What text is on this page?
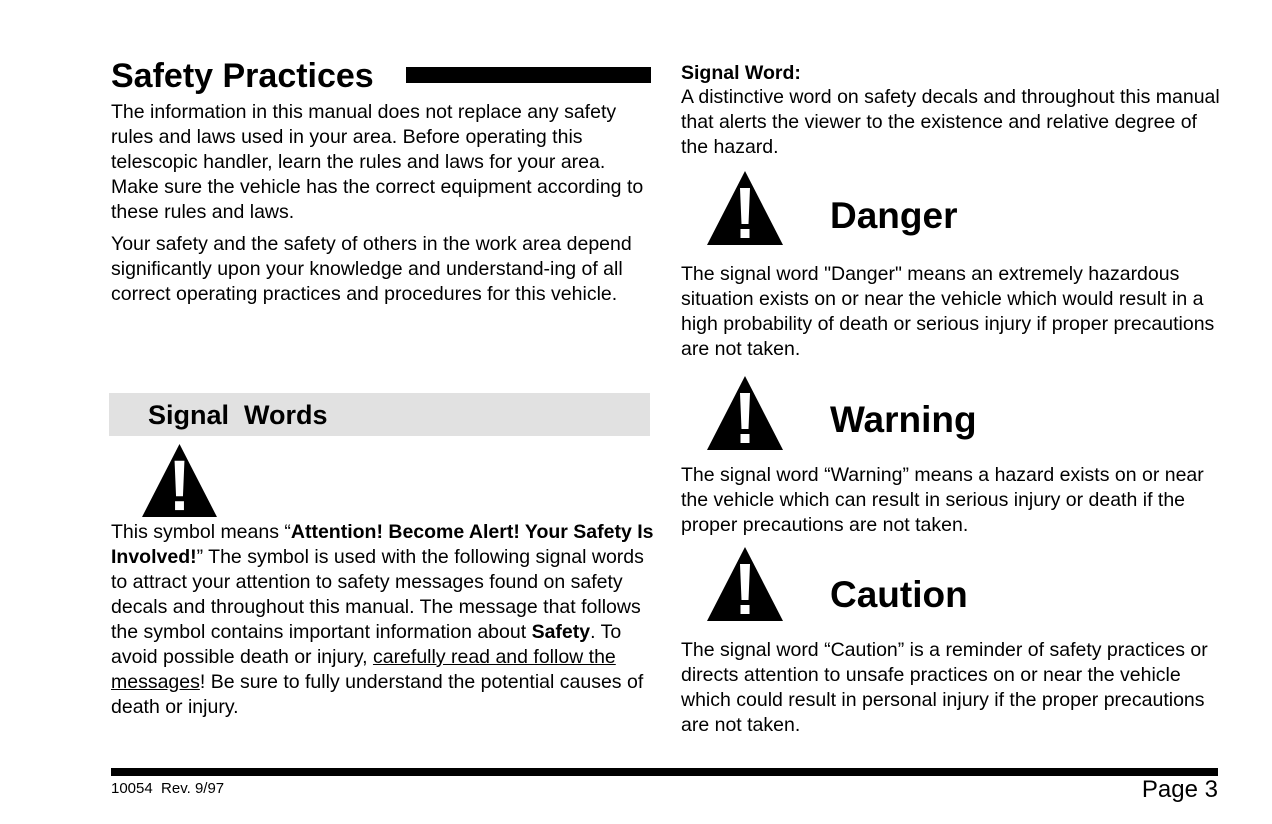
Safety Practices

The information in this manual does not replace any safety rules and laws used in your area. Before operating this telescopic handler, learn the rules and laws for your area. Make sure the vehicle has the correct equipment according to these rules and laws.

Your safety and the safety of others in the work area depend significantly upon your knowledge and understand-ing of all correct operating practices and procedures for this vehicle.

Signal  Words

This symbol means “Attention! Become Alert! Your Safety Is Involved!” The symbol is used with the following signal words to attract your attention to safety messages found on safety decals and throughout this manual. The message that follows the symbol contains important information about Safety. To avoid possible death or injury, carefully read and follow the messages! Be sure to fully understand the potential causes of death or injury.

Signal Word:

A distinctive word on safety decals and throughout this manual that alerts the viewer to the existence and relative degree of the hazard.

Danger

The signal word "Danger" means an extremely hazardous situation exists on or near the vehicle which would result in a high probability of death or serious injury if proper precautions are not taken.

Warning

The signal word “Warning” means a hazard exists on or near the vehicle which can result in serious injury or death if the proper precautions are not taken.

Caution

The signal word “Caution” is a reminder of safety practices or directs attention to unsafe practices on or near the vehicle which could result in personal injury if the proper precautions are not taken.

10054  Rev. 9/97	Page 3
